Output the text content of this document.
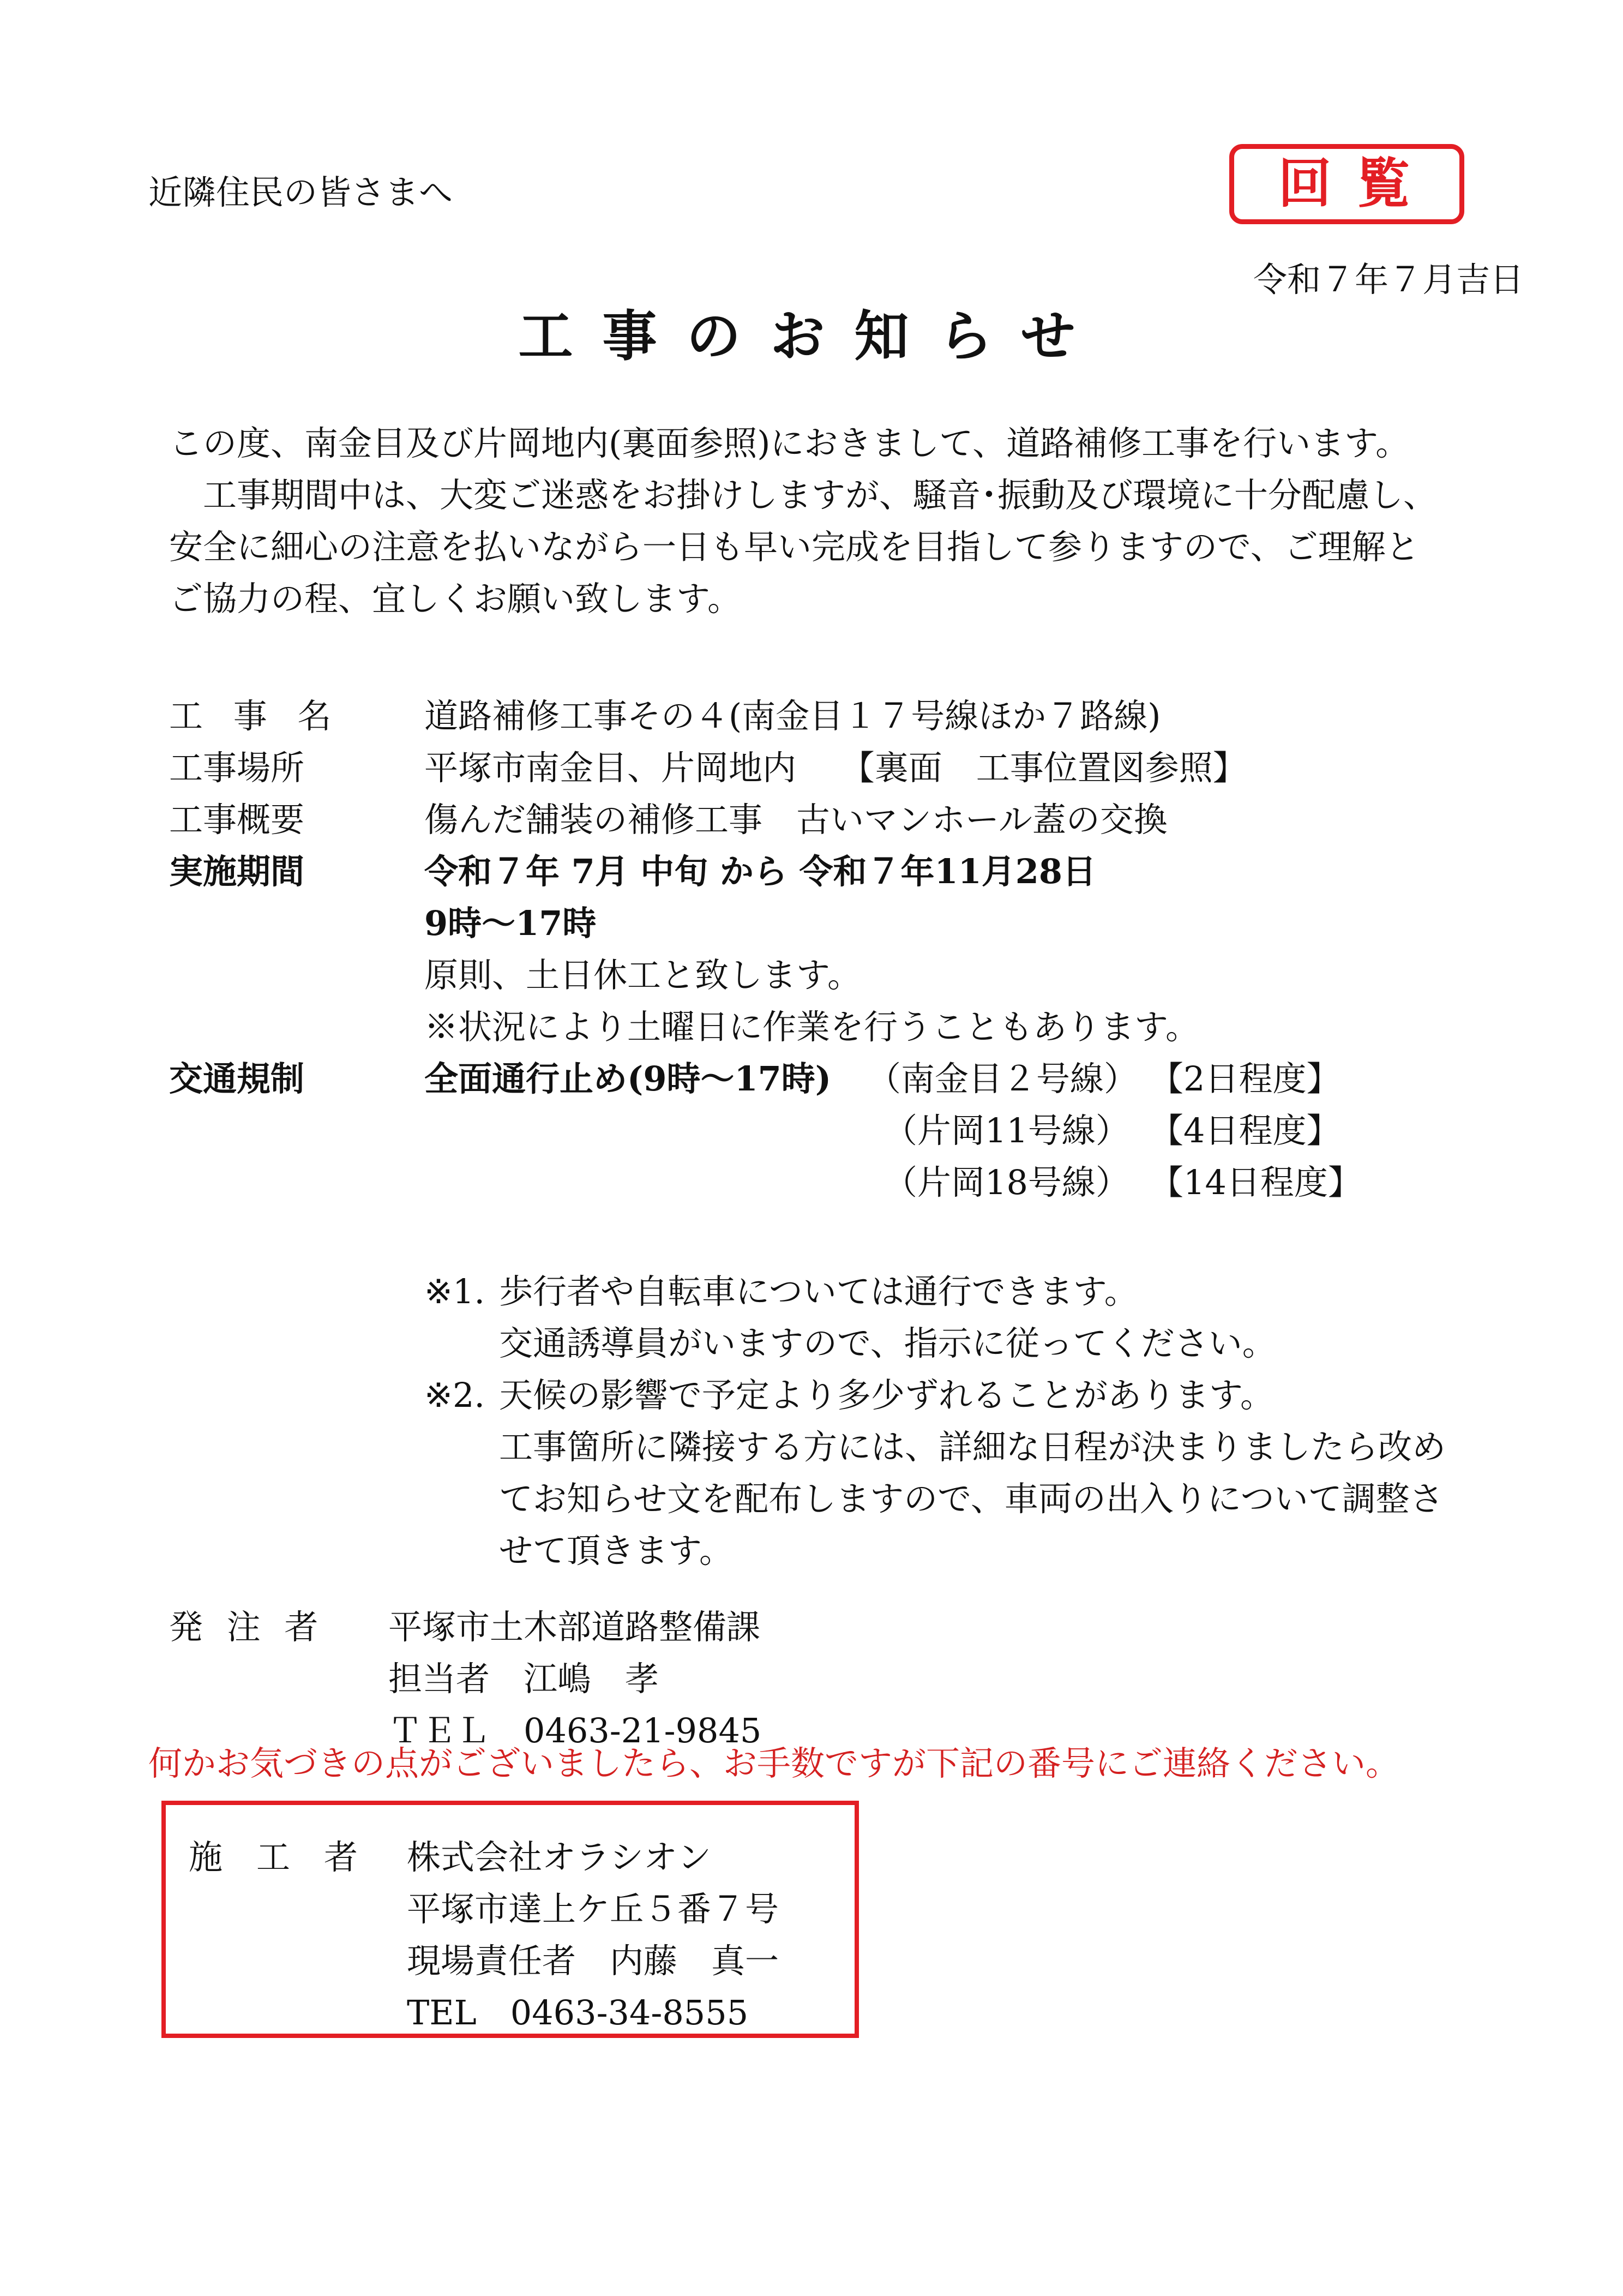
近隣住民の皆さまへ	回覧
令和７年７月吉日
工事のお知らせ
この度、南金目及び片岡地内(裏面参照)におきまして、道路補修工事を行います。
　工事期間中は、大変ご迷惑をお掛けしますが、騒音･振動及び環境に十分配慮し、
安全に細心の注意を払いながら一日も早い完成を目指して参りますので、ご理解と
ご協力の程、宜しくお願い致します。
工 事 名 道路補修工事その４(南金目１７号線ほか７路線)
工事場所	平塚市南金目、片岡地内　 【裏面　工事位置図参照】
工事概要	傷んだ舗装の補修工事　古いマンホール蓋の交換
実施期間	令和７年 7月 中旬 から 令和７年11月28日
9時～17時
原則、土日休工と致します。
※状況により土曜日に作業を行うこともあります。
交通規制	全面通行止め(9時～17時) （南金目２号線） 【2日程度】
（片岡11号線） 【4日程度】
（片岡18号線） 【14日程度】
※1. 歩行者や自転車については通行できます。
交通誘導員がいますので、指示に従ってください。
※2. 天候の影響で予定より多少ずれることがあります。
工事箇所に隣接する方には、詳細な日程が決まりましたら改め
てお知らせ文を配布しますので、車両の出入りについて調整さ
せて頂きます。
発 注 者 平塚市土木部道路整備課
担当者　江嶋　孝
ＴＥＬ　0463-21-9845
何かお気づきの点がございましたら、お手数ですが下記の番号にご連絡ください。
施　工　者 株式会社オラシオン
平塚市達上ケ丘５番７号
現場責任者　内藤　真一
TEL　0463-34-8555
